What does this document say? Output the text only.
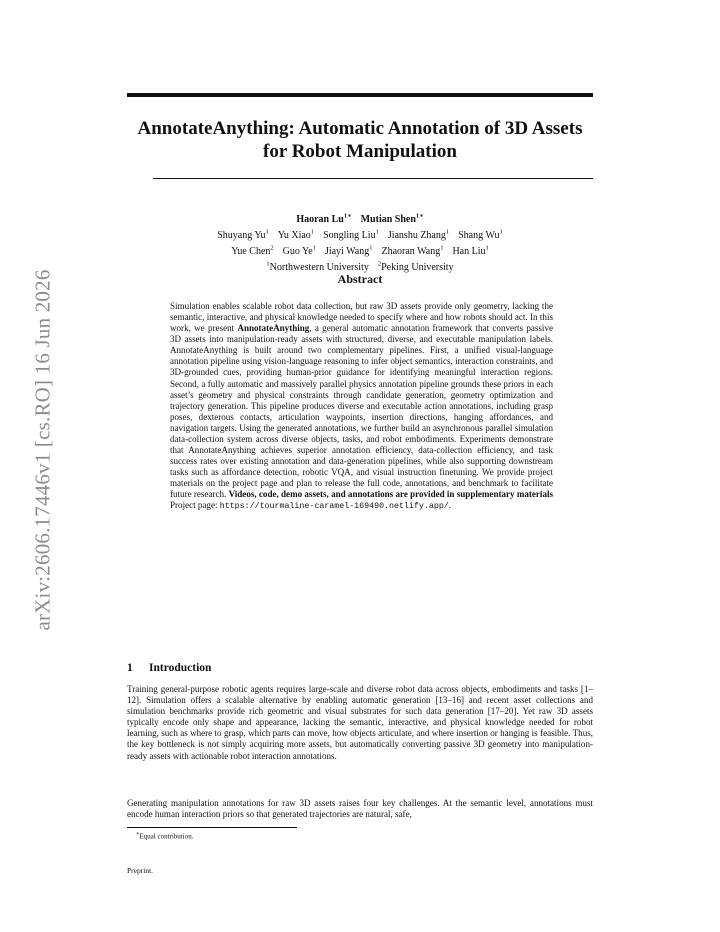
arXiv:2606.17446v1 [cs.RO] 16 Jun 2026
AnnotateAnything: Automatic Annotation of 3D Assets for Robot Manipulation
Haoran $Lu^{1∗}$ Mutian Shen$^{1∗}$
Shuyang Yu$^1$ Yu Xiao$^1$ Songling Liu$^1$ Jianshu Zhang$^1$ Shang Wu$^1$
Yue Chen$^2$ Guo Ye$^1$ Jiayi Wang$^1$ Zhaoran Wang$^1$ Han Liu$^1$
$^1$Northwestern University $^2$Peking University
Abstract

Simulation enables scalable robot data collection, but raw 3D assets provide only geometry, lacking the semantic, interactive, and physical knowledge needed to specify where and how robots should act. In this work, we present AnnotateAnything, a general automatic annotation framework that converts passive 3D assets into manipulation-ready assets with structured, diverse, and executable manipulation labels. AnnotateAnything is built around two complementary pipelines. First, a unified visual-language annotation pipeline using vision-language reasoning to infer object semantics, interaction constraints, and 3D-grounded cues, providing human-prior guidance for identifying meaningful interaction regions. Second, a fully automatic and massively parallel physics annotation pipeline grounds these priors in each asset’s geometry and physical constraints through candidate generation, geometry optimization and trajectory generation. This pipeline produces diverse and executable action annotations, including grasp poses, dexterous contacts, articulation waypoints, insertion directions, hanging affordances, and navigation targets. Using the generated annotations, we further build an asynchronous parallel simulation data-collection system across diverse objects, tasks, and robot embodiments. Experiments demonstrate that AnnotateAnything achieves superior annotation efficiency, data-collection efficiency, and task success rates over existing annotation and data-generation pipelines, while also supporting downstream tasks such as affordance detection, robotic VQA, and visual instruction finetuning. We provide project materials on the project page and plan to release the full code, annotations, and benchmark to facilitate future research. Videos, code, demo assets, and annotations are provided in supplementary materials Project page: https://tourmaline-caramel-169490.netlify.app/.

1 Introduction

Training general-purpose robotic agents requires large-scale and diverse robot data across objects, embodiments and tasks [1–12]. Simulation offers a scalable alternative by enabling automatic generation [13–16] and recent asset collections and simulation benchmarks provide rich geometric and visual substrates for such data generation [17–20]. Yet raw 3D assets typically encode only shape and appearance, lacking the semantic, interactive, and physical knowledge needed for robot learning, such as where to grasp, which parts can move, how objects articulate, and where insertion or hanging is feasible. Thus, the key bottleneck is not simply acquiring more assets, but automatically converting passive 3D geometry into manipulation-ready assets with actionable robot interaction annotations.

Generating manipulation annotations for raw 3D assets raises four key challenges. At the semantic level, annotations must encode human interaction priors so that generated trajectories are natural, safe,

∗Equal contribution.

Preprint.
